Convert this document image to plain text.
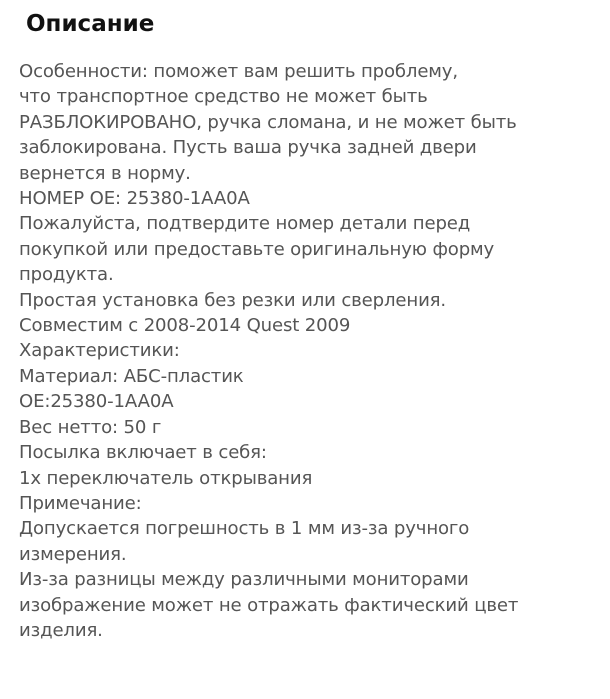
Описание
Особенности: поможет вам решить проблему,
что транспортное средство не может быть
РАЗБЛОКИРОВАНО, ручка сломана, и не может быть
заблокирована. Пусть ваша ручка задней двери
вернется в норму.
НОМЕР OE: 25380-1AA0A
Пожалуйста, подтвердите номер детали перед
покупкой или предоставьте оригинальную форму
продукта.
Простая установка без резки или сверления.
Совместим с 2008-2014 Quest 2009
Характеристики:
Материал: АБС-пластик
OE:25380-1AA0A
Вес нетто: 50 г
Посылка включает в себя:
1х переключатель открывания
Примечание:
Допускается погрешность в 1 мм из-за ручного
измерения.
Из-за разницы между различными мониторами
изображение может не отражать фактический цвет
изделия.
